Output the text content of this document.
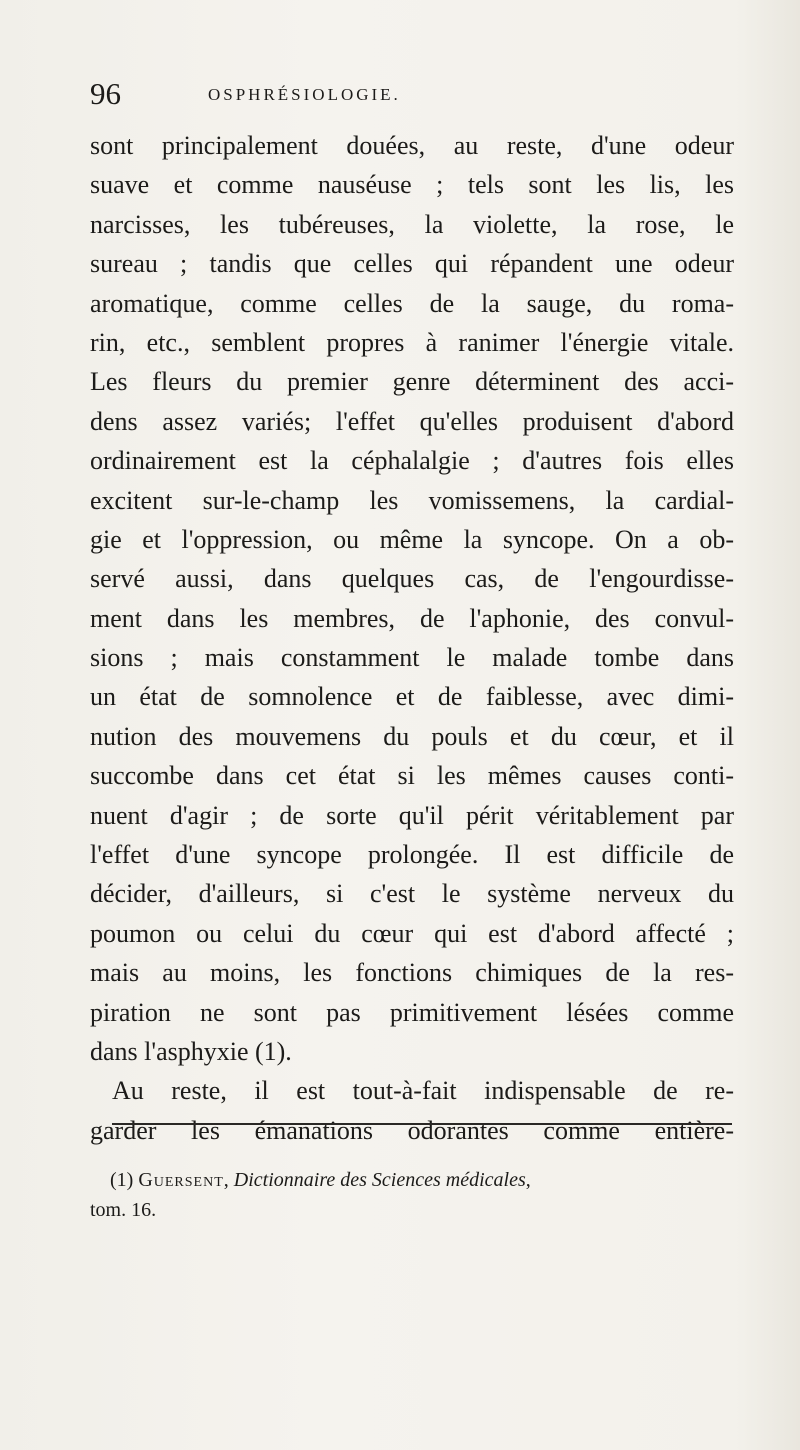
96	OSPHRÉSIOLOGIE.
sont principalement douées, au reste, d'une odeur
suave et comme nauséuse ; tels sont les lis, les
narcisses, les tubéreuses, la violette, la rose, le
sureau ; tandis que celles qui répandent une odeur
aromatique, comme celles de la sauge, du roma-
rin, etc., semblent propres à ranimer l'énergie vitale.
Les fleurs du premier genre déterminent des acci-
dens assez variés; l'effet qu'elles produisent d'abord
ordinairement est la céphalalgie ; d'autres fois elles
excitent sur-le-champ les vomissemens, la cardial-
gie et l'oppression, ou même la syncope. On a ob-
servé aussi, dans quelques cas, de l'engourdisse-
ment dans les membres, de l'aphonie, des convul-
sions ; mais constamment le malade tombe dans
un état de somnolence et de faiblesse, avec dimi-
nution des mouvemens du pouls et du cœur, et il
succombe dans cet état si les mêmes causes conti-
nuent d'agir ; de sorte qu'il périt véritablement par
l'effet d'une syncope prolongée. Il est difficile de
décider, d'ailleurs, si c'est le système nerveux du
poumon ou celui du cœur qui est d'abord affecté ;
mais au moins, les fonctions chimiques de la res-
piration ne sont pas primitivement lésées comme
dans l'asphyxie (1).
Au reste, il est tout-à-fait indispensable de re-
garder les émanations odorantes comme entière-
(1) Guersent, Dictionnaire des Sciences médicales,
tom. 16.
